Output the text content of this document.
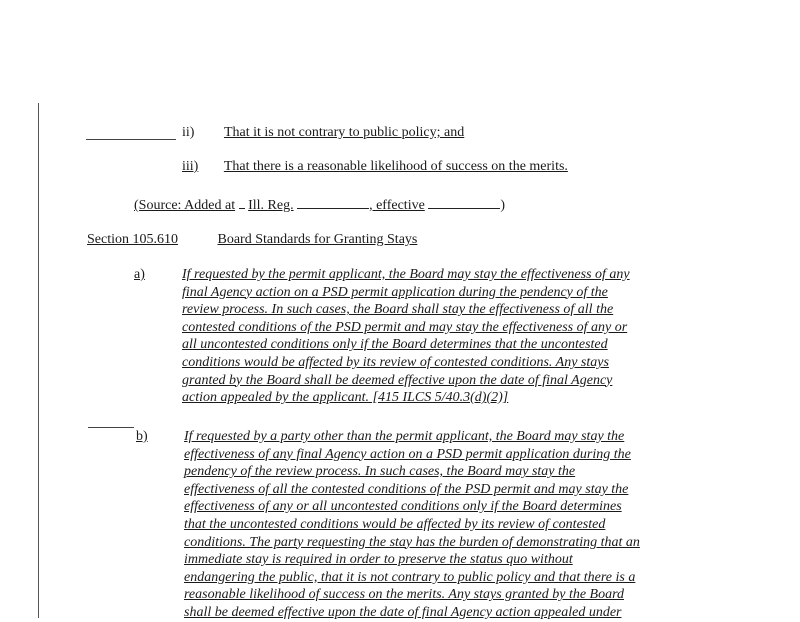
ii) That it is not contrary to public policy; and
iii) That there is a reasonable likelihood of success on the merits.
(Source: Added at Ill. Reg.	, effective	)
Section 105.610	Board Standards for Granting Stays
a)	If requested by the permit applicant, the Board may stay the effectiveness of any
final Agency action on a PSD permit application during the pendency of the
review process. In such cases, the Board shall stay the effectiveness of all the
contested conditions of the PSD permit and may stay the effectiveness of any or
all uncontested conditions only if the Board determines that the uncontested
conditions would be affected by its review of contested conditions. Any stays
granted by the Board shall be deemed effective upon the date of final Agency
action appealed by the applicant. [415 ILCS 5/40.3(d)(2)]
b)	If requested by a party other than the permit applicant, the Board may stay the
effectiveness of any final Agency action on a PSD permit application during the
pendency of the review process. In such cases, the Board may stay the
effectiveness of all the contested conditions of the PSD permit and may stay the
effectiveness of any or all uncontested conditions only if the Board determines
that the uncontested conditions would be affected by its review of contested
conditions. The party requesting the stay has the burden of demonstrating that an
immediate stay is required in order to preserve the status quo without
endangering the public, that it is not contrary to public policy and that there is a
reasonable likelihood of success on the merits. Any stays granted by the Board
shall be deemed effective upon the date of final Agency action appealed under
